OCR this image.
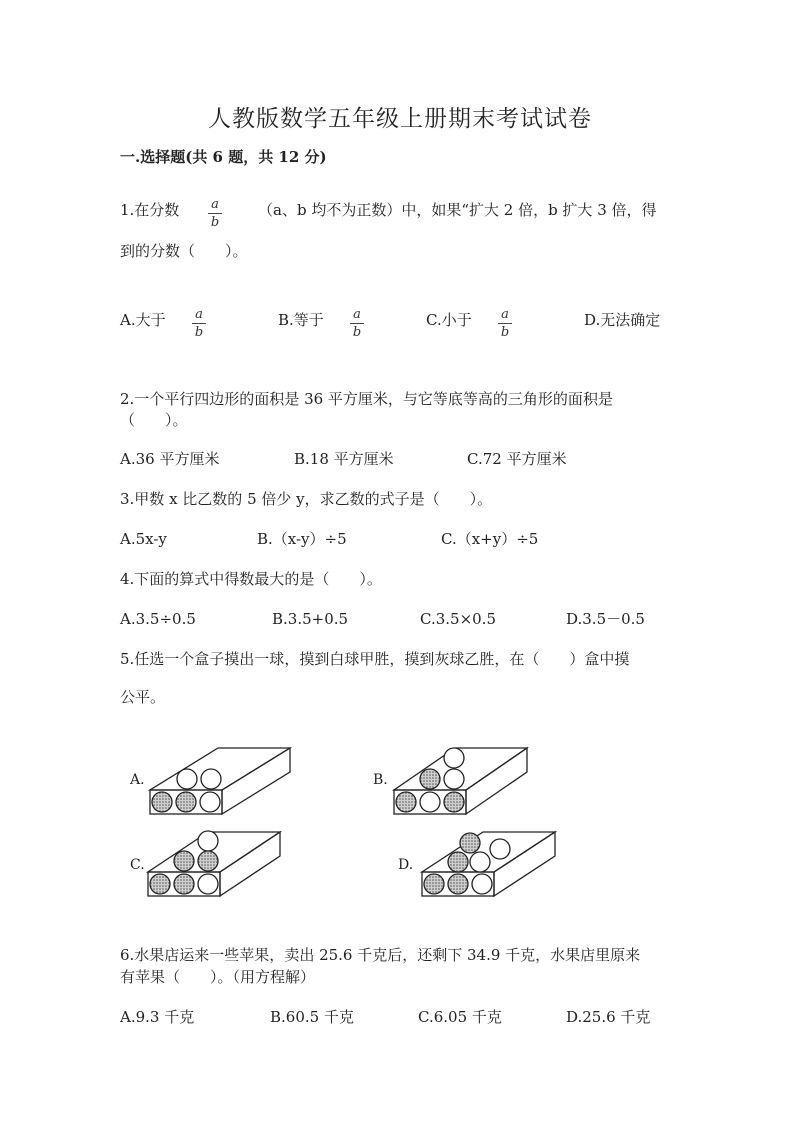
人教版数学五年级上册期末考试试卷
一.选择题(共 6 题，共 12 分)
1.在分数	a
b
（a、b 均不为正数）中，如果“扩大 2 倍，b 扩大 3 倍，得
到的分数（　　）。
A.大于	a
b
B.等于	a
b
C.小于	a
b
D.无法确定
2.一个平行四边形的面积是 36 平方厘米，与它等底等高的三角形的面积是
（　　）。
A.36 平方厘米	B.18 平方厘米	C.72 平方厘米
3.甲数 x 比乙数的 5 倍少 y，求乙数的式子是（　　）。
A.5x-y	B.（x-y）÷5	C.（x+y）÷5
4.下面的算式中得数最大的是（　　）。
A.3.5÷0.5	B.3.5+0.5	C.3.5×0.5	D.3.5－0.5
5.任选一个盒子摸出一球，摸到白球甲胜，摸到灰球乙胜，在（　　）盒中摸
公平。
A.	B.
C.	D.
6.水果店运来一些苹果，卖出 25.6 千克后，还剩下 34.9 千克，水果店里原来
有苹果（　　）。（用方程解）
A.9.3 千克	B.60.5 千克	C.6.05 千克	D.25.6 千克
